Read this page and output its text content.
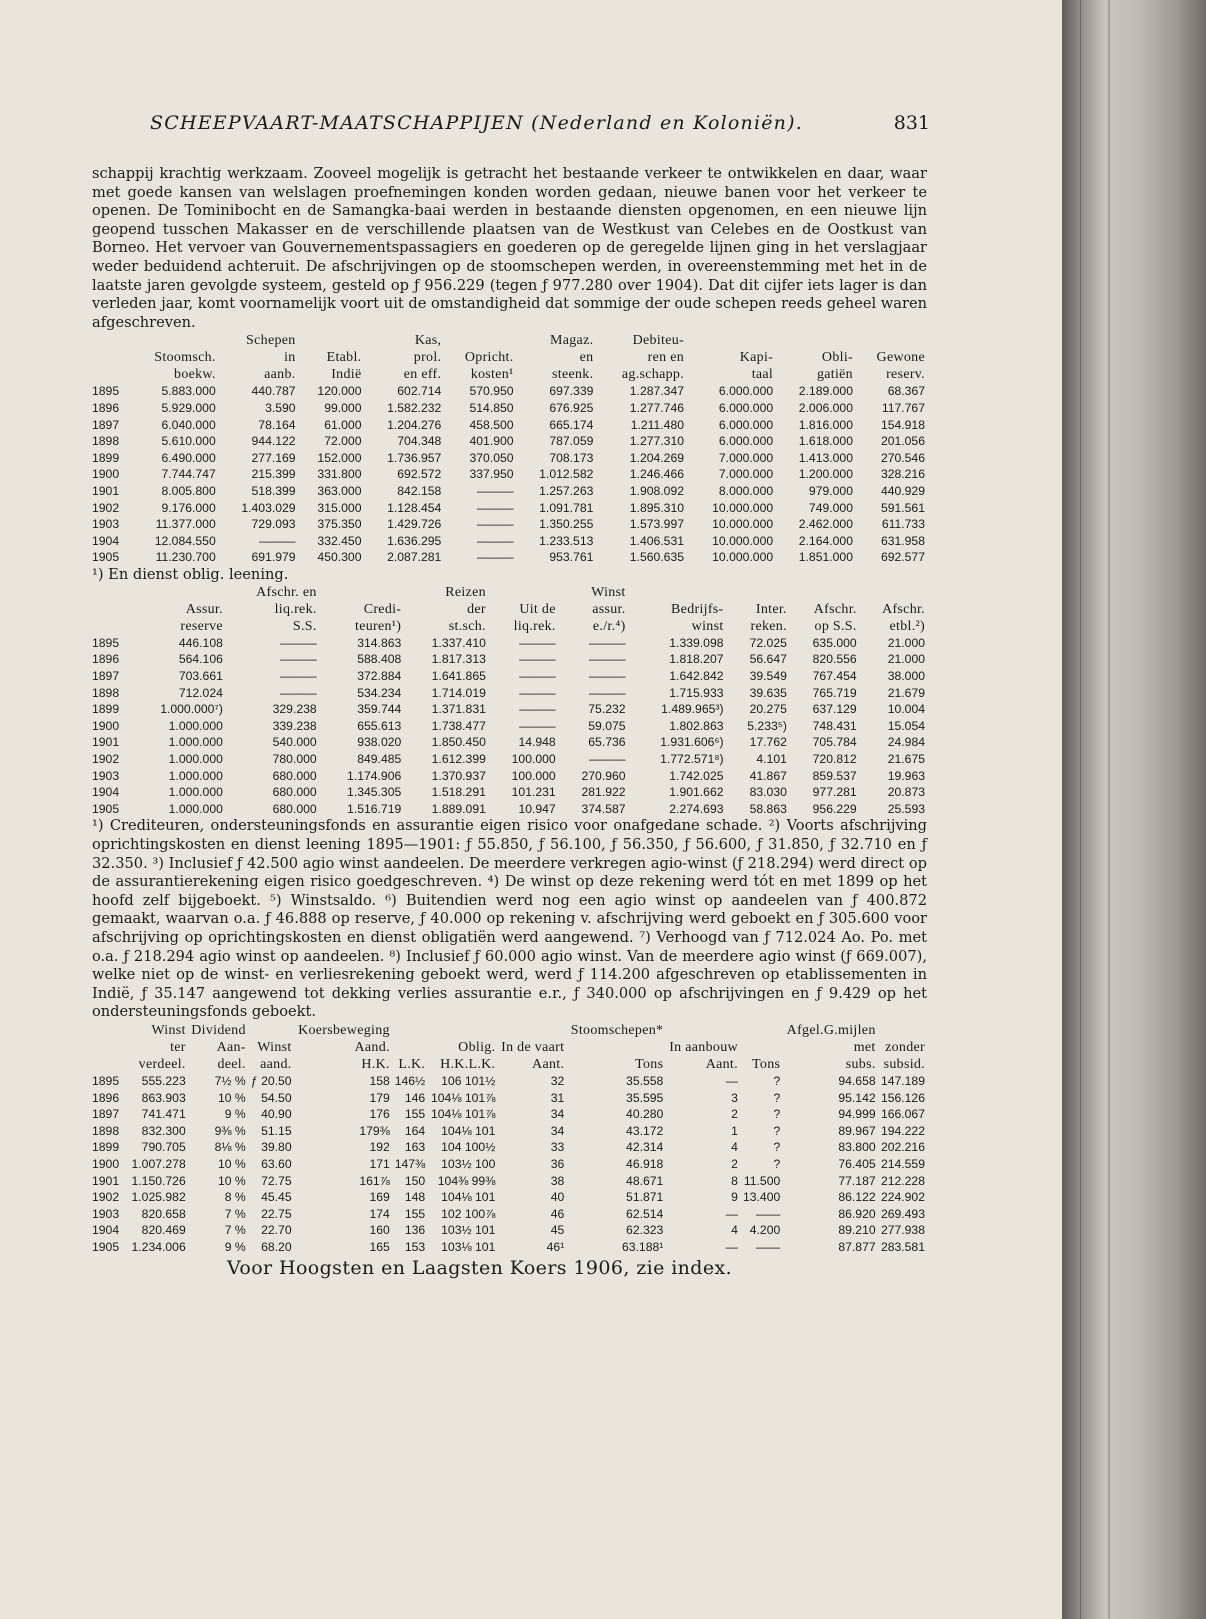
SCHEEPVAART-MAATSCHAPPIJEN (Nederland en Koloniën).	831

schappij krachtig werkzaam. Zooveel mogelijk is getracht het bestaande verkeer te ontwikkelen en daar, waar met goede kansen van welslagen proefnemingen konden worden gedaan, nieuwe banen voor het verkeer te openen. De Tominibocht en de Samangka-baai werden in bestaande diensten opgenomen, en een nieuwe lijn geopend tusschen Makasser en de verschillende plaatsen van de Westkust van Celebes en de Oostkust van Borneo. Het vervoer van Gouvernementspassagiers en goederen op de geregelde lijnen ging in het verslagjaar weder beduidend achteruit. De afschrijvingen op de stoomschepen werden, in overeenstemming met het in de laatste jaren gevolgde systeem, gesteld op ƒ 956.229 (tegen ƒ 977.280 over 1904). Dat dit cijfer iets lager is dan verleden jaar, komt voornamelijk voort uit de omstandigheid dat sommige der oude schepen reeds geheel waren afgeschreven.

		Schepen		Kas,		Magaz.	Debiteu-			
	Stoomsch.	in	Etabl.	prol.	Opricht.	en	ren en	Kapi-	Obli-	Gewone
	boekw.	aanb.	Indië	en eff.	kosten¹	steenk.	ag.schapp.	taal	gatiën	reserv.
1895	5.883.000	440.787	120.000	602.714	570.950	697.339	1.287.347	6.000.000	2.189.000	68.367
1896	5.929.000	3.590	99.000	1.582.232	514.850	676.925	1.277.746	6.000.000	2.006.000	117.767
1897	6.040.000	78.164	61.000	1.204.276	458.500	665.174	1.211.480	6.000.000	1.816.000	154.918
1898	5.610.000	944.122	72.000	704.348	401.900	787.059	1.277.310	6.000.000	1.618.000	201.056
1899	6.490.000	277.169	152.000	1.736.957	370.050	708.173	1.204.269	7.000.000	1.413.000	270.546
1900	7.744.747	215.399	331.800	692.572	337.950	1.012.582	1.246.466	7.000.000	1.200.000	328.216
1901	8.005.800	518.399	363.000	842.158	———	1.257.263	1.908.092	8.000.000	979.000	440.929
1902	9.176.000	1.403.029	315.000	1.128.454	———	1.091.781	1.895.310	10.000.000	749.000	591.561
1903	11.377.000	729.093	375.350	1.429.726	———	1.350.255	1.573.997	10.000.000	2.462.000	611.733
1904	12.084.550	———	332.450	1.636.295	———	1.233.513	1.406.531	10.000.000	2.164.000	631.958
1905	11.230.700	691.979	450.300	2.087.281	———	953.761	1.560.635	10.000.000	1.851.000	692.577

¹) En dienst oblig. leening.

		Afschr. en		Reizen		Winst				
	Assur.	liq.rek.	Credi-	der	Uit de	assur.	Bedrijfs-	Inter.	Afschr.	Afschr.
	reserve	S.S.	teuren¹)	st.sch.	liq.rek.	e./r.⁴)	winst	reken.	op S.S.	etbl.²)
1895	446.108	———	314.863	1.337.410	———	———	1.339.098	72.025	635.000	21.000
1896	564.106	———	588.408	1.817.313	———	———	1.818.207	56.647	820.556	21.000
1897	703.661	———	372.884	1.641.865	———	———	1.642.842	39.549	767.454	38.000
1898	712.024	———	534.234	1.714.019	———	———	1.715.933	39.635	765.719	21.679
1899	1.000.000⁷)	329.238	359.744	1.371.831	———	75.232	1.489.965³)	20.275	637.129	10.004
1900	1.000.000	339.238	655.613	1.738.477	———	59.075	1.802.863	5.233⁵)	748.431	15.054
1901	1.000.000	540.000	938.020	1.850.450	14.948	65.736	1.931.606⁶)	17.762	705.784	24.984
1902	1.000.000	780.000	849.485	1.612.399	100.000	———	1.772.571⁸)	4.101	720.812	21.675
1903	1.000.000	680.000	1.174.906	1.370.937	100.000	270.960	1.742.025	41.867	859.537	19.963
1904	1.000.000	680.000	1.345.305	1.518.291	101.231	281.922	1.901.662	83.030	977.281	20.873
1905	1.000.000	680.000	1.516.719	1.889.091	10.947	374.587	2.274.693	58.863	956.229	25.593

¹) Crediteuren, ondersteuningsfonds en assurantie eigen risico voor onafgedane schade. ²) Voorts afschrijving oprichtingskosten en dienst leening 1895—1901: ƒ 55.850, ƒ 56.100, ƒ 56.350, ƒ 56.600, ƒ 31.850, ƒ 32.710 en ƒ 32.350. ³) Inclusief ƒ 42.500 agio winst aandeelen. De meerdere verkregen agio-winst (ƒ 218.294) werd direct op de assurantierekening eigen risico goedgeschreven. ⁴) De winst op deze rekening werd tót en met 1899 op het hoofd zelf bijgeboekt. ⁵) Winstsaldo. ⁶) Buitendien werd nog een agio winst op aandeelen van ƒ 400.872 gemaakt, waarvan o.a. ƒ 46.888 op reserve, ƒ 40.000 op rekening v. afschrijving werd geboekt en ƒ 305.600 voor afschrijving op oprichtingskosten en dienst obligatiën werd aangewend. ⁷) Verhoogd van ƒ 712.024 Ao. Po. met o.a. ƒ 218.294 agio winst op aandeelen. ⁸) Inclusief ƒ 60.000 agio winst. Van de meerdere agio winst (ƒ 669.007), welke niet op de winst- en verliesrekening geboekt werd, werd ƒ 114.200 afgeschreven op etablissementen in Indië, ƒ 35.147 aangewend tot dekking verlies assurantie e.r., ƒ 340.000 op afschrijvingen en ƒ 9.429 op het ondersteuningsfonds geboekt.

	Winst	Dividend		Koersbeweging				Stoomschepen*			Afgel.G.mijlen	
	ter	Aan-	Winst	Aand.		Oblig.	In de vaart		In aanbouw		met	zonder
	verdeel.	deel.	aand.	H.K.	L.K.	H.K.L.K.	Aant.	Tons	Aant.	Tons	subs.	subsid.
1895	555.223	7½ %	ƒ 20.50	158	146½	106 101½	32	35.558	—	?	94.658	147.189
1896	863.903	10 %	54.50	179	146	104⅛ 101⅞	31	35.595	3	?	95.142	156.126
1897	741.471	9 %	40.90	176	155	104⅛ 101⅞	34	40.280	2	?	94.999	166.067
1898	832.300	9⅜ %	51.15	179⅜	164	104⅛ 101	34	43.172	1	?	89.967	194.222
1899	790.705	8⅛ %	39.80	192	163	104 100½	33	42.314	4	?	83.800	202.216
1900	1.007.278	10 %	63.60	171	147⅜	103½ 100	36	46.918	2	?	76.405	214.559
1901	1.150.726	10 %	72.75	161⅞	150	104⅜ 99⅜	38	48.671	8	11.500	77.187	212.228
1902	1.025.982	8 %	45.45	169	148	104⅛ 101	40	51.871	9	13.400	86.122	224.902
1903	820.658	7 %	22.75	174	155	102 100⅞	46	62.514	—	——	86.920	269.493
1904	820.469	7 %	22.70	160	136	103½ 101	45	62.323	4	4.200	89.210	277.938
1905	1.234.006	9 %	68.20	165	153	103⅛ 101	46¹	63.188¹	—	——	87.877	283.581
Voor Hoogsten en Laagsten Koers 1906, zie index.
